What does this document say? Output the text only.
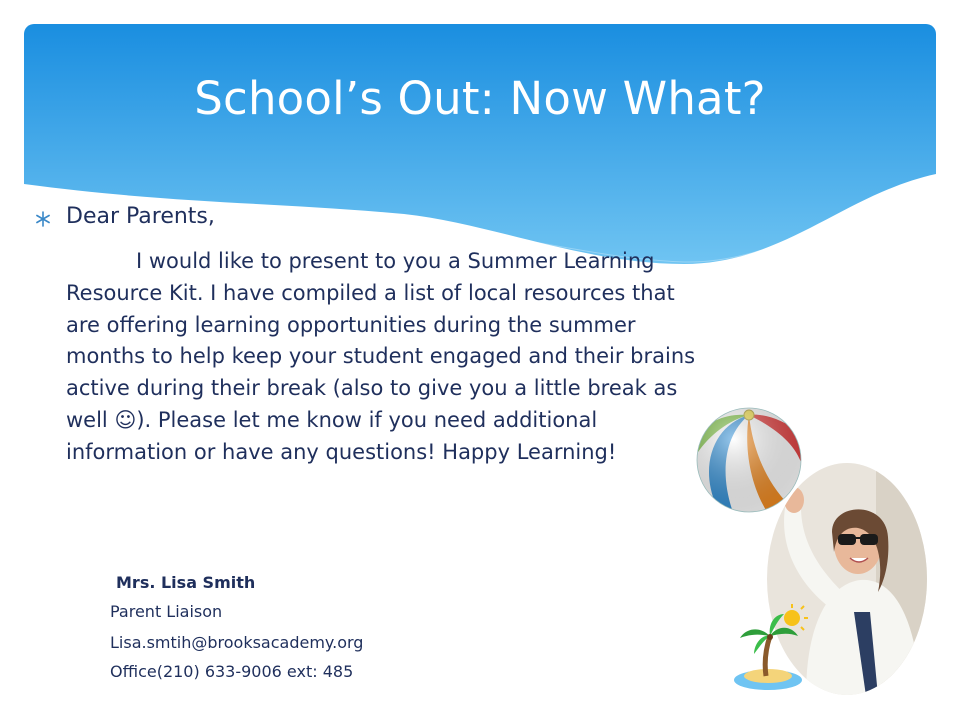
School’s Out: Now What?
Dear Parents,

I would like to present to you a Summer Learning Resource Kit. I have compiled a list of local resources that are offering learning opportunities during the summer months to help keep your student engaged and their brains active during their break (also to give you a little break as well ☺). Please let me know if you need additional information or have any questions! Happy Learning!

Mrs. Lisa Smith
Parent Liaison
Lisa.smtih@brooksacademy.org
Office(210) 633-9006 ext: 485
